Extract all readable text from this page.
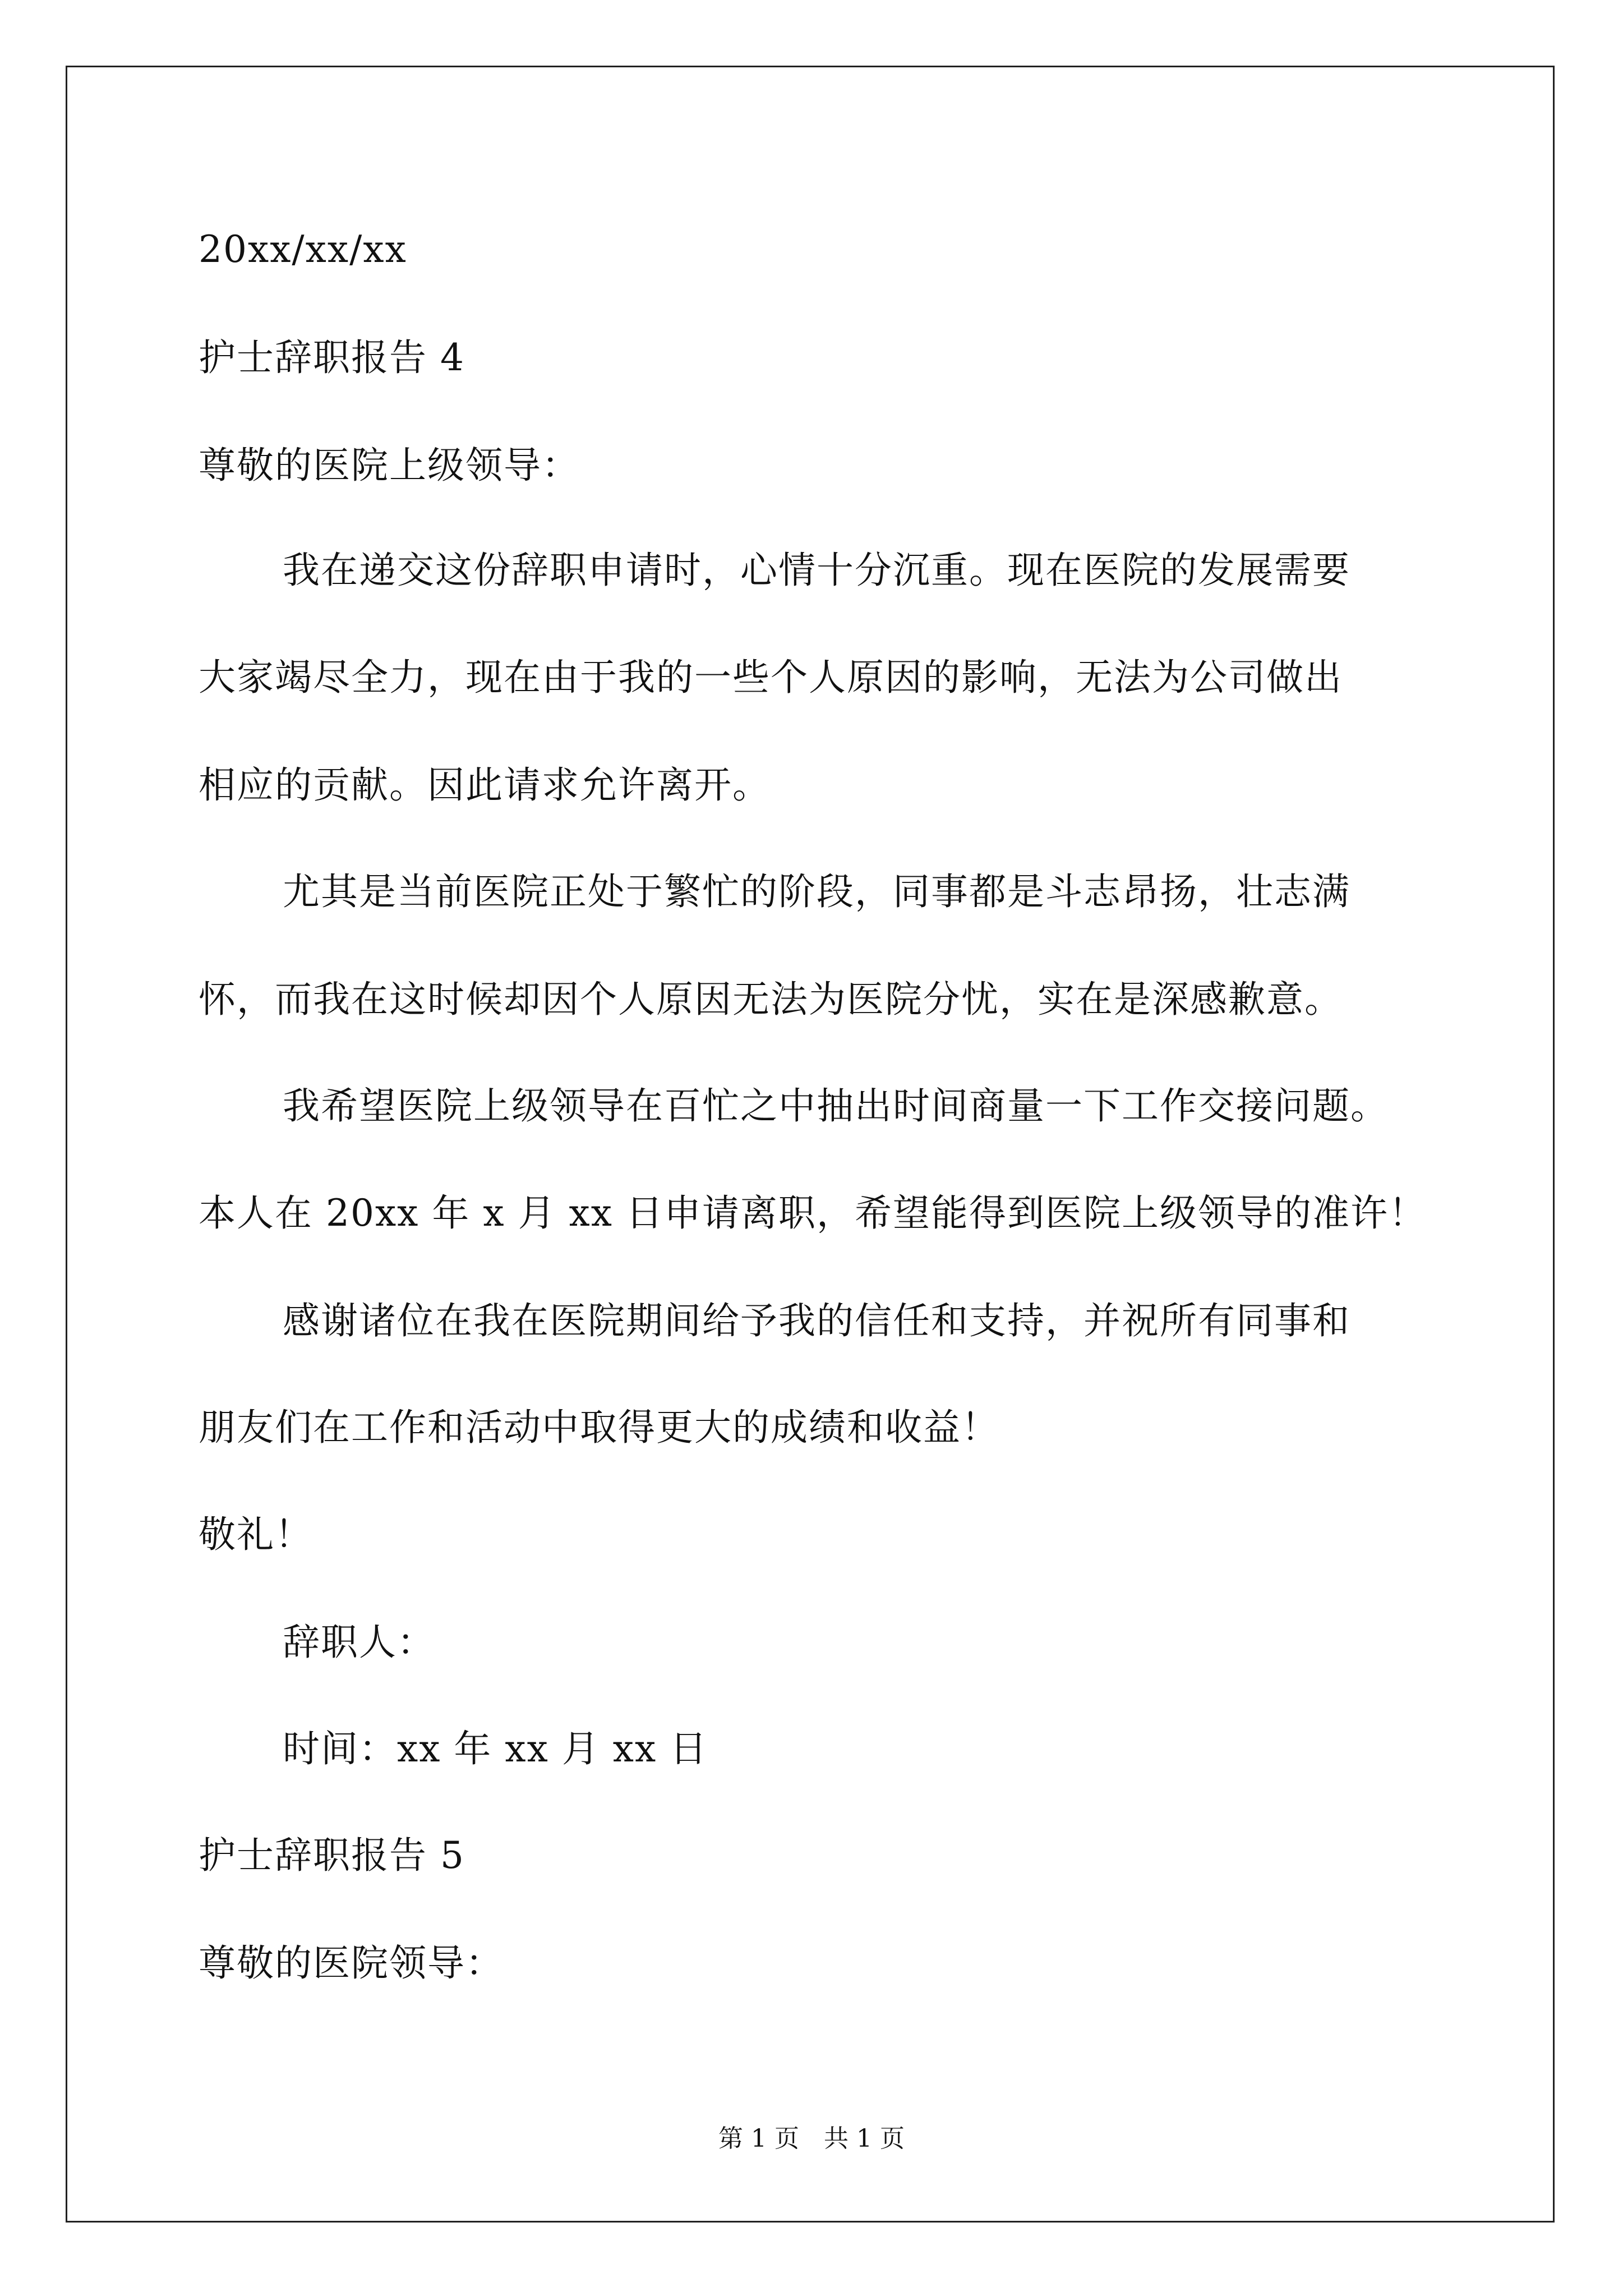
20xx/xx/xx
护士辞职报告 4
尊敬的医院上级领导：
我在递交这份辞职申请时，心情十分沉重。现在医院的发展需要
大家竭尽全力，现在由于我的一些个人原因的影响，无法为公司做出
相应的贡献。因此请求允许离开。
尤其是当前医院正处于繁忙的阶段，同事都是斗志昂扬，壮志满
怀，而我在这时候却因个人原因无法为医院分忧，实在是深感歉意。
我希望医院上级领导在百忙之中抽出时间商量一下工作交接问题。
本人在 20xx 年 x 月 xx 日申请离职，希望能得到医院上级领导的准许！
感谢诸位在我在医院期间给予我的信任和支持，并祝所有同事和
朋友们在工作和活动中取得更大的成绩和收益！
敬礼！
辞职人：
时间：xx 年 xx 月 xx 日
护士辞职报告 5
尊敬的医院领导：
第 1 页　共 1 页
